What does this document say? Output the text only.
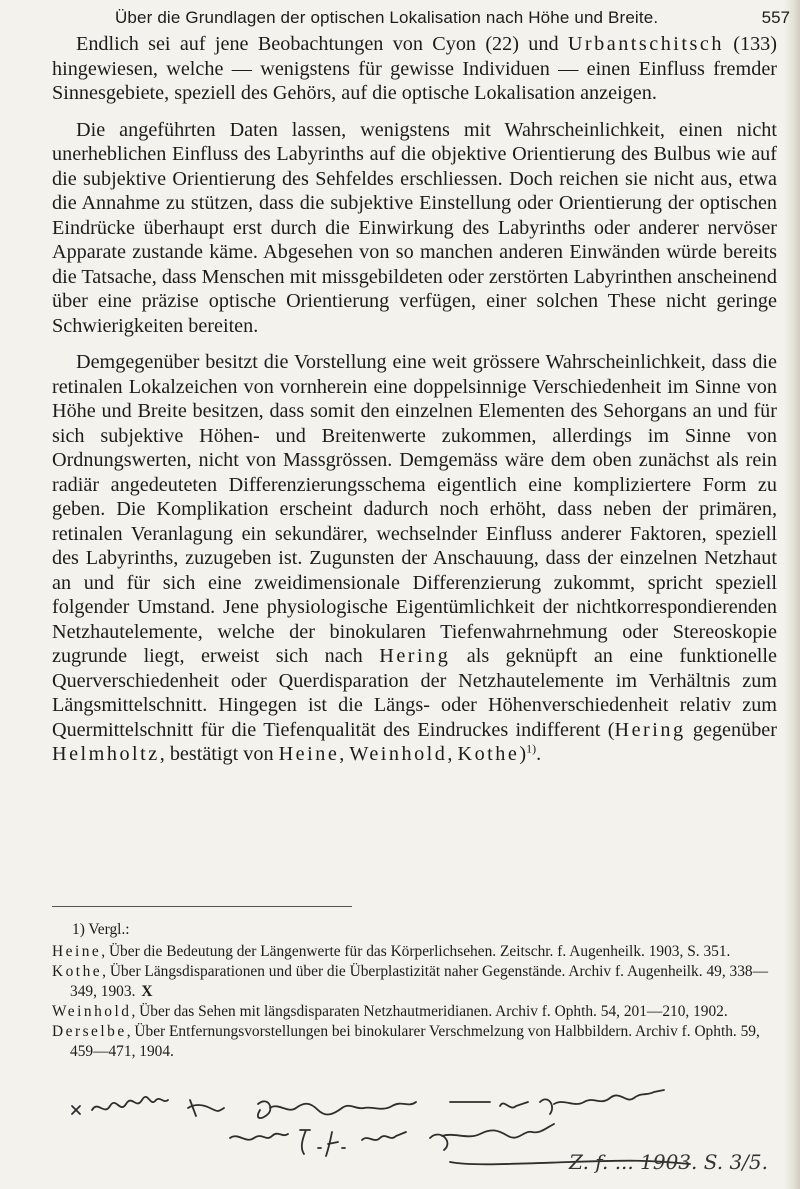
Über die Grundlagen der optischen Lokalisation nach Höhe und Breite.	557

Endlich sei auf jene Beobachtungen von Cyon (22) und Urbantschitsch (133) hingewiesen, welche — wenigstens für gewisse Individuen — einen Einfluss fremder Sinnesgebiete, speziell des Gehörs, auf die optische Lokalisation anzeigen.

Die angeführten Daten lassen, wenigstens mit Wahrscheinlichkeit, einen nicht unerheblichen Einfluss des Labyrinths auf die objektive Orientierung des Bulbus wie auf die subjektive Orientierung des Sehfeldes erschliessen. Doch reichen sie nicht aus, etwa die Annahme zu stützen, dass die subjektive Einstellung oder Orientierung der optischen Eindrücke überhaupt erst durch die Einwirkung des Labyrinths oder anderer nervöser Apparate zustande käme. Abgesehen von so manchen anderen Einwänden würde bereits die Tatsache, dass Menschen mit missgebildeten oder zerstörten Labyrinthen anscheinend über eine präzise optische Orientierung verfügen, einer solchen These nicht geringe Schwierigkeiten bereiten.

Demgegenüber besitzt die Vorstellung eine weit grössere Wahrscheinlichkeit, dass die retinalen Lokalzeichen von vornherein eine doppelsinnige Verschiedenheit im Sinne von Höhe und Breite besitzen, dass somit den einzelnen Elementen des Sehorgans an und für sich subjektive Höhen- und Breitenwerte zukommen, allerdings im Sinne von Ordnungswerten, nicht von Massgrössen. Demgemäss wäre dem oben zunächst als rein radiär angedeuteten Differenzierungsschema eigentlich eine kompliziertere Form zu geben. Die Komplikation erscheint dadurch noch erhöht, dass neben der primären, retinalen Veranlagung ein sekundärer, wechselnder Einfluss anderer Faktoren, speziell des Labyrinths, zuzugeben ist. Zugunsten der Anschauung, dass der einzelnen Netzhaut an und für sich eine zweidimensionale Differenzierung zukommt, spricht speziell folgender Umstand. Jene physiologische Eigentümlichkeit der nichtkorrespondierenden Netzhautelemente, welche der binokularen Tiefenwahrnehmung oder Stereoskopie zugrunde liegt, erweist sich nach Hering als geknüpft an eine funktionelle Querverschiedenheit oder Querdisparation der Netzhautelemente im Verhältnis zum Längsmittelschnitt. Hingegen ist die Längs- oder Höhenverschiedenheit relativ zum Quermittelschnitt für die Tiefenqualität des Eindruckes indifferent (Hering gegenüber Helmholtz, bestätigt von Heine, Weinhold, Kothe)$^{1)}$.

1) Vergl.:

Heine, Über die Bedeutung der Längenwerte für das Körperlichsehen. Zeitschr. f. Augenheilk. 1903, S. 351.

Kothe, Über Längsdisparationen und über die Überplastizität naher Gegenstände. Archiv f. Augenheilk. 49, 338—349, 1903. X

Weinhold, Über das Sehen mit längsdisparaten Netzhautmeridianen. Archiv f. Ophth. 54, 201—210, 1902.

Derselbe, Über Entfernungsvorstellungen bei binokularer Verschmelzung von Halbbildern. Archiv f. Ophth. 59, 459—471, 1904.

Z. f. ... 1903. S. 3/5.
